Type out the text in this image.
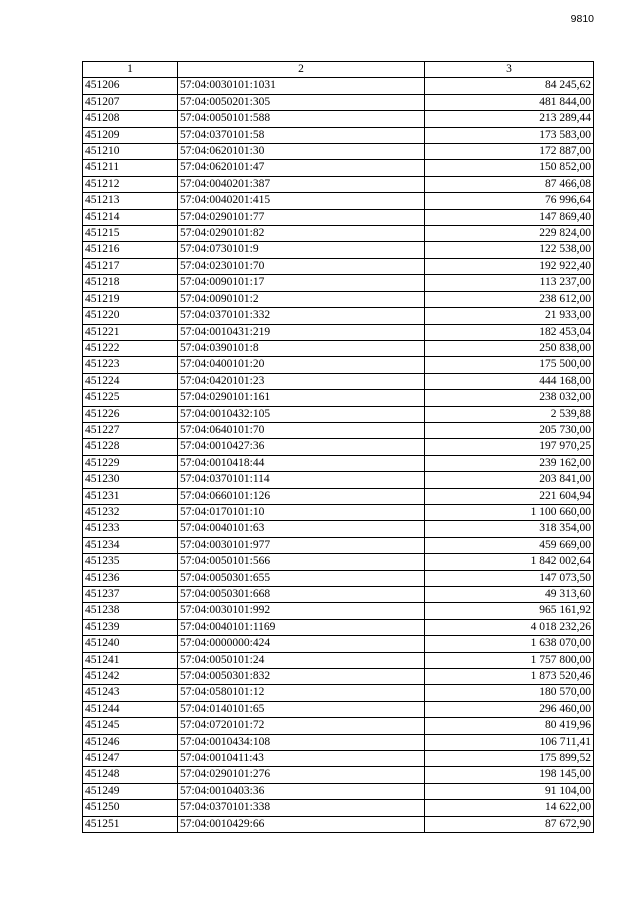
9810
1	2	3
451206	57:04:0030101:1031	84 245,62
451207	57:04:0050201:305	481 844,00
451208	57:04:0050101:588	213 289,44
451209	57:04:0370101:58	173 583,00
451210	57:04:0620101:30	172 887,00
451211	57:04:0620101:47	150 852,00
451212	57:04:0040201:387	87 466,08
451213	57:04:0040201:415	76 996,64
451214	57:04:0290101:77	147 869,40
451215	57:04:0290101:82	229 824,00
451216	57:04:0730101:9	122 538,00
451217	57:04:0230101:70	192 922,40
451218	57:04:0090101:17	113 237,00
451219	57:04:0090101:2	238 612,00
451220	57:04:0370101:332	21 933,00
451221	57:04:0010431:219	182 453,04
451222	57:04:0390101:8	250 838,00
451223	57:04:0400101:20	175 500,00
451224	57:04:0420101:23	444 168,00
451225	57:04:0290101:161	238 032,00
451226	57:04:0010432:105	2 539,88
451227	57:04:0640101:70	205 730,00
451228	57:04:0010427:36	197 970,25
451229	57:04:0010418:44	239 162,00
451230	57:04:0370101:114	203 841,00
451231	57:04:0660101:126	221 604,94
451232	57:04:0170101:10	1 100 660,00
451233	57:04:0040101:63	318 354,00
451234	57:04:0030101:977	459 669,00
451235	57:04:0050101:566	1 842 002,64
451236	57:04:0050301:655	147 073,50
451237	57:04:0050301:668	49 313,60
451238	57:04:0030101:992	965 161,92
451239	57:04:0040101:1169	4 018 232,26
451240	57:04:0000000:424	1 638 070,00
451241	57:04:0050101:24	1 757 800,00
451242	57:04:0050301:832	1 873 520,46
451243	57:04:0580101:12	180 570,00
451244	57:04:0140101:65	296 460,00
451245	57:04:0720101:72	80 419,96
451246	57:04:0010434:108	106 711,41
451247	57:04:0010411:43	175 899,52
451248	57:04:0290101:276	198 145,00
451249	57:04:0010403:36	91 104,00
451250	57:04:0370101:338	14 622,00
451251	57:04:0010429:66	87 672,90
